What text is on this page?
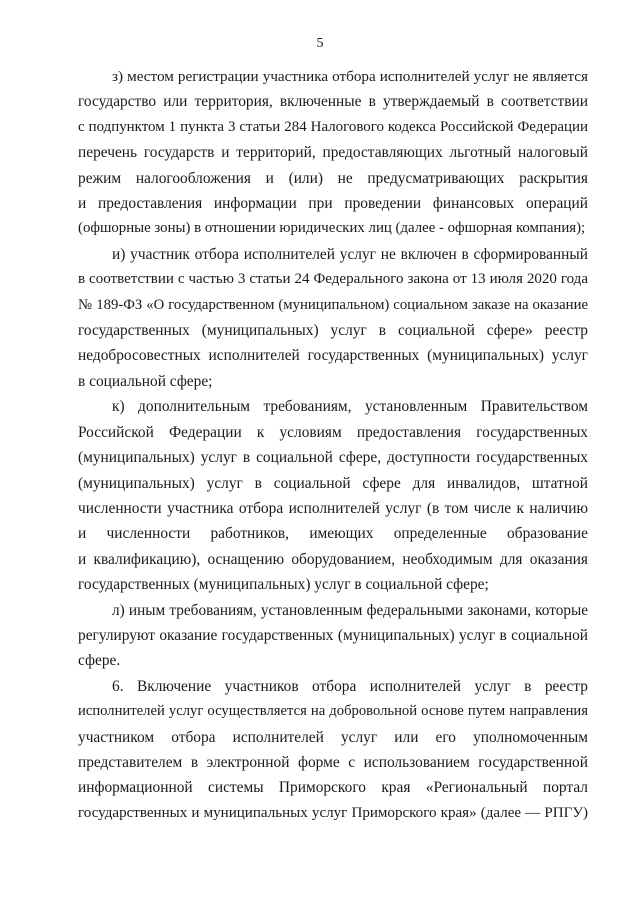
5
з) местом регистрации участника отбора исполнителей услуг не является
государство или территория, включенные в утверждаемый в соответствии
с подпунктом 1 пункта 3 статьи 284 Налогового кодекса Российской Федерации
перечень государств и территорий, предоставляющих льготный налоговый
режим налогообложения и (или) не предусматривающих раскрытия
и предоставления информации при проведении финансовых операций
(офшорные зоны) в отношении юридических лиц (далее - офшорная компания);
и) участник отбора исполнителей услуг не включен в сформированный
в соответствии с частью 3 статьи 24 Федерального закона от 13 июля 2020 года
№ 189-ФЗ «О государственном (муниципальном) социальном заказе на оказание
государственных (муниципальных) услуг в социальной сфере» реестр
недобросовестных исполнителей государственных (муниципальных) услуг
в социальной сфере;
к) дополнительным требованиям, установленным Правительством
Российской Федерации к условиям предоставления государственных
(муниципальных) услуг в социальной сфере, доступности государственных
(муниципальных) услуг в социальной сфере для инвалидов, штатной
численности участника отбора исполнителей услуг (в том числе к наличию
и численности работников, имеющих определенные образование
и квалификацию), оснащению оборудованием, необходимым для оказания
государственных (муниципальных) услуг в социальной сфере;
л) иным требованиям, установленным федеральными законами, которые
регулируют оказание государственных (муниципальных) услуг в социальной
сфере.
6. Включение участников отбора исполнителей услуг в реестр
исполнителей услуг осуществляется на добровольной основе путем направления
участником отбора исполнителей услуг или его уполномоченным
представителем в электронной форме с использованием государственной
информационной системы Приморского края «Региональный портал
государственных и муниципальных услуг Приморского края» (далее — РПГУ)
